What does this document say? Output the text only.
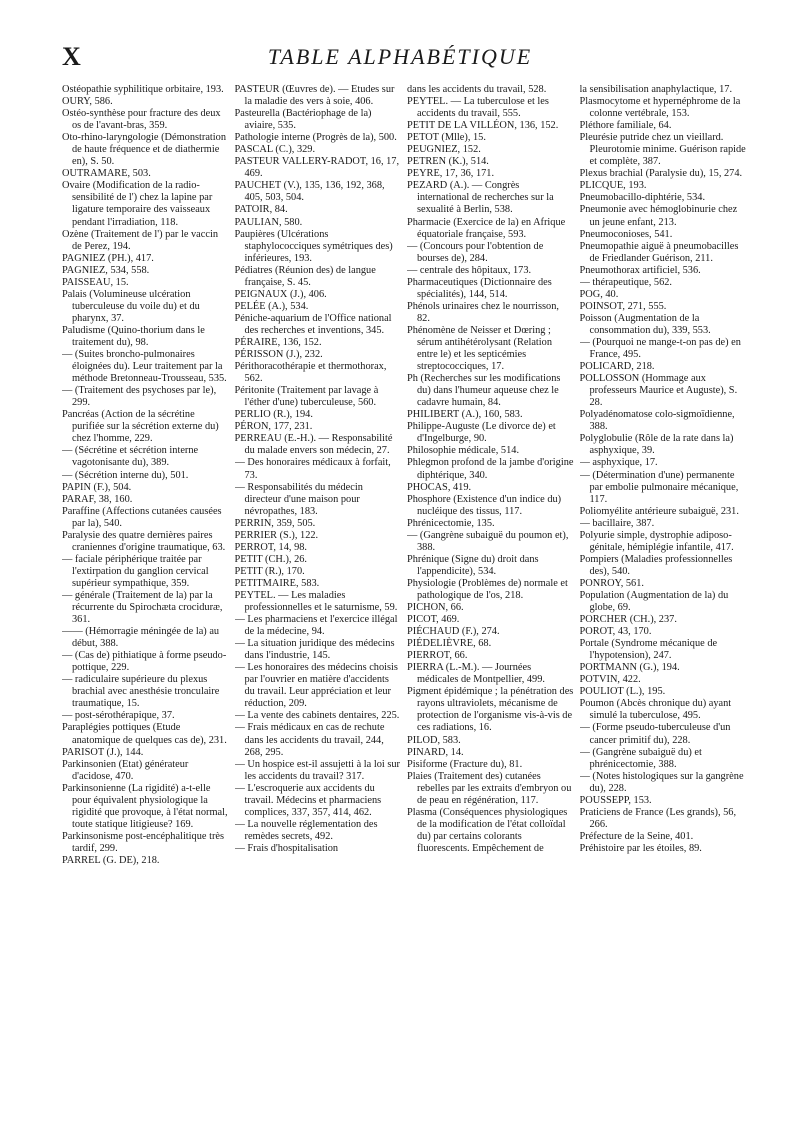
X	TABLE ALPHABÉTIQUE

Ostéopathie syphilitique orbitaire, 193.

OURY, 586.

Ostéo-synthèse pour fracture des deux os de l'avant-bras, 359.

Oto-rhino-laryngologie (Démonstration de haute fréquence et de diathermie en), S. 50.

OUTRAMARE, 503.

Ovaire (Modification de la radio-sensibilité de l') chez la lapine par ligature temporaire des vaisseaux pendant l'irradiation, 118.

Ozène (Traitement de l') par le vaccin de Perez, 194.

PAGNIEZ (PH.), 417.

PAGNIEZ, 534, 558.

PAISSEAU, 15.

Palais (Volumineuse ulcération tuberculeuse du voile du) et du pharynx, 37.

Paludisme (Quino-thorium dans le traitement du), 98.

— (Suites broncho-pulmonaires éloignées du). Leur traitement par la méthode Bretonneau-Trousseau, 535.

— (Traitement des psychoses par le), 299.

Pancréas (Action de la sécrétine purifiée sur la sécrétion externe du) chez l'homme, 229.

— (Sécrétine et sécrétion interne vagotonisante du), 389.

— (Sécrétion interne du), 501.

PAPIN (F.), 504.

PARAF, 38, 160.

Paraffine (Affections cutanées causées par la), 540.

Paralysie des quatre dernières paires craniennes d'origine traumatique, 63.

— faciale périphérique traitée par l'extirpation du ganglion cervical supérieur sympathique, 359.

— générale (Traitement de la) par la récurrente du Spirochæta crociduræ, 361.

—— (Hémorragie méningée de la) au début, 388.

— (Cas de) pithiatique à forme pseudo-pottique, 229.

— radiculaire supérieure du plexus brachial avec anesthésie tronculaire traumatique, 15.

— post-sérothérapique, 37.

Paraplégies pottiques (Etude anatomique de quelques cas de), 231.

PARISOT (J.), 144.

Parkinsonien (Etat) générateur d'acidose, 470.

Parkinsonienne (La rigidité) a-t-elle pour équivalent physiologique la rigidité que provoque, à l'état normal, toute statique litigieuse? 169.

Parkinsonisme post-encéphalitique très tardif, 299.

PARREL (G. DE), 218.

PASTEUR (Œuvres de). — Etudes sur la maladie des vers à soie, 406.

Pasteurella (Bactériophage de la) aviaire, 535.

Pathologie interne (Progrès de la), 500.

PASCAL (C.), 329.

PASTEUR VALLERY-RADOT, 16, 17, 469.

PAUCHET (V.), 135, 136, 192, 368, 405, 503, 504.

PATOIR, 84.

PAULIAN, 580.

Paupières (Ulcérations staphylococciques symétriques des) inférieures, 193.

Pédiatres (Réunion des) de langue française, S. 45.

PEIGNAUX (J.), 406.

PELÉE (A.), 534.

Péniche-aquarium de l'Office national des recherches et inventions, 345.

PÉRAIRE, 136, 152.

PÉRISSON (J.), 232.

Périthoracothérapie et thermothorax, 562.

Péritonite (Traitement par lavage à l'éther d'une) tuberculeuse, 560.

PERLIO (R.), 194.

PÉRON, 177, 231.

PERREAU (E.-H.). — Responsabilité du malade envers son médecin, 27.

— Des honoraires médicaux à forfait, 73.

— Responsabilités du médecin directeur d'une maison pour névropathes, 183.

PERRIN, 359, 505.

PERRIER (S.), 122.

PERROT, 14, 98.

PETIT (CH.), 26.

PETIT (R.), 170.

PETITMAIRE, 583.

PEYTEL. — Les maladies professionnelles et le saturnisme, 59.

— Les pharmaciens et l'exercice illégal de la médecine, 94.

— La situation juridique des médecins dans l'industrie, 145.

— Les honoraires des médecins choisis par l'ouvrier en matière d'accidents du travail. Leur appréciation et leur réduction, 209.

— La vente des cabinets dentaires, 225.

— Frais médicaux en cas de rechute dans les accidents du travail, 244, 268, 295.

— Un hospice est-il assujetti à la loi sur les accidents du travail? 317.

— L'escroquerie aux accidents du travail. Médecins et pharmaciens complices, 337, 357, 414, 462.

— La nouvelle réglementation des remèdes secrets, 492.

— Frais d'hospitalisation

dans les accidents du travail, 528.

PEYTEL. — La tuberculose et les accidents du travail, 555.

PETIT DE LA VILLÉON, 136, 152.

PETOT (Mlle), 15.

PEUGNIEZ, 152.

PETREN (K.), 514.

PEYRE, 17, 36, 171.

PEZARD (A.). — Congrès international de recherches sur la sexualité à Berlin, 538.

Pharmacie (Exercice de la) en Afrique équatoriale française, 593.

— (Concours pour l'obtention de bourses de), 284.

— centrale des hôpitaux, 173.

Pharmaceutiques (Dictionnaire des spécialités), 144, 514.

Phénols urinaires chez le nourrisson, 82.

Phénomène de Neisser et Dœring ; sérum antihétérolysant (Relation entre le) et les septicémies streptococciques, 17.

Ph (Recherches sur les modifications du) dans l'humeur aqueuse chez le cadavre humain, 84.

PHILIBERT (A.), 160, 583.

Philippe-Auguste (Le divorce de) et d'Ingelburge, 90.

Philosophie médicale, 514.

Phlegmon profond de la jambe d'origine diphtérique, 340.

PHOCAS, 419.

Phosphore (Existence d'un indice du) nucléique des tissus, 117.

Phrénicectomie, 135.

— (Gangrène subaiguë du poumon et), 388.

Phrénique (Signe du) droit dans l'appendicite), 534.

Physiologie (Problèmes de) normale et pathologique de l'os, 218.

PICHON, 66.

PICOT, 469.

PIÉCHAUD (F.), 274.

PIÉDELIÈVRE, 68.

PIERROT, 66.

PIERRA (L.-M.). — Journées médicales de Montpellier, 499.

Pigment épidémique ; la pénétration des rayons ultraviolets, mécanisme de protection de l'organisme vis-à-vis de ces radiations, 16.

PILOD, 583.

PINARD, 14.

Pisiforme (Fracture du), 81.

Plaies (Traitement des) cutanées rebelles par les extraits d'embryon ou de peau en régénération, 117.

Plasma (Conséquences physiologiques de la modification de l'état colloïdal du) par certains colorants fluorescents. Empêchement de

la sensibilisation anaphylactique, 17.

Plasmocytome et hypernéphrome de la colonne vertébrale, 153.

Pléthore familiale, 64.

Pleurésie putride chez un vieillard. Pleurotomie minime. Guérison rapide et complète, 387.

Plexus brachial (Paralysie du), 15, 274.

PLICQUE, 193.

Pneumobacillo-diphtérie, 534.

Pneumonie avec hémoglobinurie chez un jeune enfant, 213.

Pneumoconioses, 541.

Pneumopathie aiguë à pneumobacilles de Friedlander Guérison, 211.

Pneumothorax artificiel, 536.

— thérapeutique, 562.

POG, 40.

POINSOT, 271, 555.

Poisson (Augmentation de la consommation du), 339, 553.

— (Pourquoi ne mange-t-on pas de) en France, 495.

POLICARD, 218.

POLLOSSON (Hommage aux professeurs Maurice et Auguste), S. 28.

Polyadénomatose colo-sigmoïdienne, 388.

Polyglobulie (Rôle de la rate dans la) asphyxique, 39.

— asphyxique, 17.

— (Détermination d'une) permanente par embolie pulmonaire mécanique, 117.

Poliomyélite antérieure subaiguë, 231.

— bacillaire, 387.

Polyurie simple, dystrophie adiposo-génitale, hémiplégie infantile, 417.

Pompiers (Maladies professionnelles des), 540.

PONROY, 561.

Population (Augmentation de la) du globe, 69.

PORCHER (CH.), 237.

POROT, 43, 170.

Portale (Syndrome mécanique de l'hypotension), 247.

PORTMANN (G.), 194.

POTVIN, 422.

POULIOT (L.), 195.

Poumon (Abcès chronique du) ayant simulé la tuberculose, 495.

— (Forme pseudo-tuberculeuse d'un cancer primitif du), 228.

— (Gangrène subaiguë du) et phrénicectomie, 388.

— (Notes histologiques sur la gangrène du), 228.

POUSSEPP, 153.

Praticiens de France (Les grands), 56, 266.

Préfecture de la Seine, 401.

Préhistoire par les étoiles, 89.
